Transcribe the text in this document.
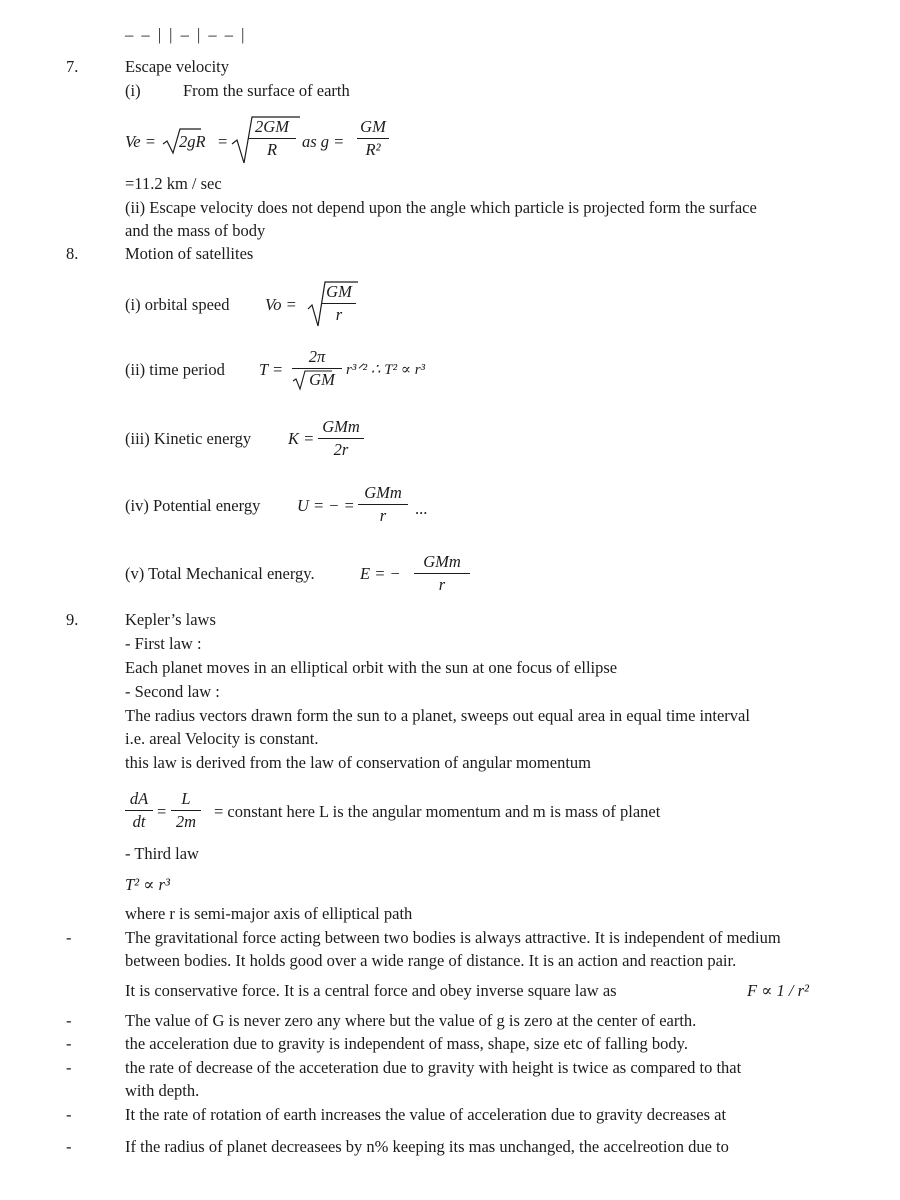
– – | | – | – – |
7.	Escape velocity
(i)	From the surface of earth
Ve = 2gR =
2GM
R	as g =
GM
R²
=11.2 km / sec
(ii) Escape velocity does not depend upon the angle which particle is projected form the surface
and the mass of body
8.	Motion of satellites
(i) orbital speed Vo =
GM
r
(ii) time period T =
2π
GM r³ᐟ² ∴ T² ∝ r³
(iii) Kinetic energy K =
GMm
2r
(iv) Potential energy U = − =
GMm
r	...
(v) Total Mechanical energy.	E = −
GMm
r
9.	Kepler’s laws
- First law :
Each planet moves in an elliptical orbit with the sun at one focus of ellipse
- Second law :
The radius vectors drawn form the sun to a planet, sweeps out equal area in equal time interval
i.e. areal Velocity is constant.
this law is derived from the law of conservation of angular momentum
dA
dt
=
L
2m
= constant here L is the angular momentum and m is mass of planet
- Third law
T² ∝ r³
where r is semi-major axis of elliptical path
-	The gravitational force acting between two bodies is always attractive. It is independent of medium
between bodies. It holds good over a wide range of distance. It is an action and reaction pair.
It is conservative force. It is a central force and obey inverse square law as	F ∝ 1 / r²
-	The value of G is never zero any where but the value of g is zero at the center of earth.
-	the acceleration due to gravity is independent of mass, shape, size etc of falling body.
-	the rate of decrease of the acceteration due to gravity with height is twice as compared to that
with depth.
-	It the rate of rotation of earth increases the value of acceleration due to gravity decreases at
-	If the radius of planet decreasees by n% keeping its mas unchanged, the accelreotion due to
